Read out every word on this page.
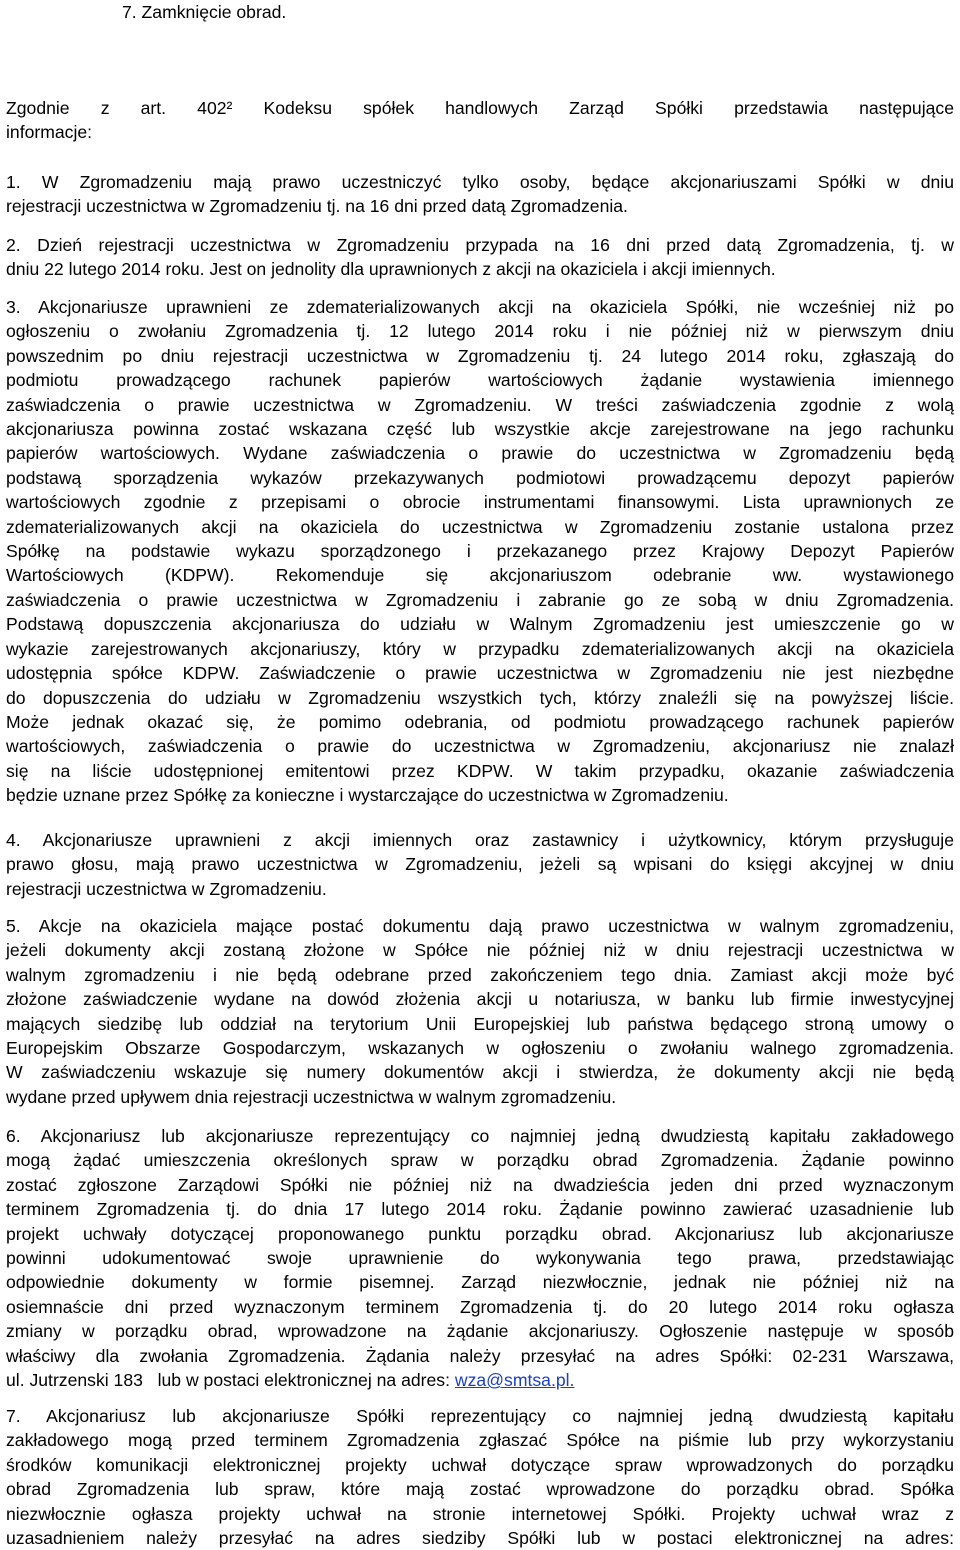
7. Zamknięcie obrad.
Zgodnie z art. 402² Kodeksu spółek handlowych Zarząd Spółki przedstawia następujące
informacje:
1. W Zgromadzeniu mają prawo uczestniczyć tylko osoby, będące akcjonariuszami Spółki w dniu
rejestracji uczestnictwa w Zgromadzeniu tj. na 16 dni przed datą Zgromadzenia.
2. Dzień rejestracji uczestnictwa w Zgromadzeniu przypada na 16 dni przed datą Zgromadzenia, tj. w
dniu 22 lutego 2014 roku. Jest on jednolity dla uprawnionych z akcji na okaziciela i akcji imiennych.
3. Akcjonariusze uprawnieni ze zdematerializowanych akcji na okaziciela Spółki, nie wcześniej niż po
ogłoszeniu o zwołaniu Zgromadzenia tj. 12 lutego 2014 roku i nie później niż w pierwszym dniu
powszednim po dniu rejestracji uczestnictwa w Zgromadzeniu tj. 24 lutego 2014 roku, zgłaszają do
podmiotu prowadzącego rachunek papierów wartościowych żądanie wystawienia imiennego
zaświadczenia o prawie uczestnictwa w Zgromadzeniu. W treści zaświadczenia zgodnie z wolą
akcjonariusza powinna zostać wskazana część lub wszystkie akcje zarejestrowane na jego rachunku
papierów wartościowych. Wydane zaświadczenia o prawie do uczestnictwa w Zgromadzeniu będą
podstawą sporządzenia wykazów przekazywanych podmiotowi prowadzącemu depozyt papierów
wartościowych zgodnie z przepisami o obrocie instrumentami finansowymi. Lista uprawnionych ze
zdematerializowanych akcji na okaziciela do uczestnictwa w Zgromadzeniu zostanie ustalona przez
Spółkę na podstawie wykazu sporządzonego i przekazanego przez Krajowy Depozyt Papierów
Wartościowych (KDPW). Rekomenduje się akcjonariuszom odebranie ww. wystawionego
zaświadczenia o prawie uczestnictwa w Zgromadzeniu i zabranie go ze sobą w dniu Zgromadzenia.
Podstawą dopuszczenia akcjonariusza do udziału w Walnym Zgromadzeniu jest umieszczenie go w
wykazie zarejestrowanych akcjonariuszy, który w przypadku zdematerializowanych akcji na okaziciela
udostępnia spółce KDPW. Zaświadczenie o prawie uczestnictwa w Zgromadzeniu nie jest niezbędne
do dopuszczenia do udziału w Zgromadzeniu wszystkich tych, którzy znaleźli się na powyższej liście.
Może jednak okazać się, że pomimo odebrania, od podmiotu prowadzącego rachunek papierów
wartościowych, zaświadczenia o prawie do uczestnictwa w Zgromadzeniu, akcjonariusz nie znalazł
się na liście udostępnionej emitentowi przez KDPW. W takim przypadku, okazanie zaświadczenia
będzie uznane przez Spółkę za konieczne i wystarczające do uczestnictwa w Zgromadzeniu.
4. Akcjonariusze uprawnieni z akcji imiennych oraz zastawnicy i użytkownicy, którym przysługuje
prawo głosu, mają prawo uczestnictwa w Zgromadzeniu, jeżeli są wpisani do księgi akcyjnej w dniu
rejestracji uczestnictwa w Zgromadzeniu.
5. Akcje na okaziciela mające postać dokumentu dają prawo uczestnictwa w walnym zgromadzeniu,
jeżeli dokumenty akcji zostaną złożone w Spółce nie później niż w dniu rejestracji uczestnictwa w
walnym zgromadzeniu i nie będą odebrane przed zakończeniem tego dnia. Zamiast akcji może być
złożone zaświadczenie wydane na dowód złożenia akcji u notariusza, w banku lub firmie inwestycyjnej
mających siedzibę lub oddział na terytorium Unii Europejskiej lub państwa będącego stroną umowy o
Europejskim Obszarze Gospodarczym, wskazanych w ogłoszeniu o zwołaniu walnego zgromadzenia.
W zaświadczeniu wskazuje się numery dokumentów akcji i stwierdza, że dokumenty akcji nie będą
wydane przed upływem dnia rejestracji uczestnictwa w walnym zgromadzeniu.
6. Akcjonariusz lub akcjonariusze reprezentujący co najmniej jedną dwudziestą kapitału zakładowego
mogą żądać umieszczenia określonych spraw w porządku obrad Zgromadzenia. Żądanie powinno
zostać zgłoszone Zarządowi Spółki nie później niż na dwadzieścia jeden dni przed wyznaczonym
terminem Zgromadzenia tj. do dnia 17 lutego 2014 roku. Żądanie powinno zawierać uzasadnienie lub
projekt uchwały dotyczącej proponowanego punktu porządku obrad. Akcjonariusz lub akcjonariusze
powinni udokumentować swoje uprawnienie do wykonywania tego prawa, przedstawiając
odpowiednie dokumenty w formie pisemnej. Zarząd niezwłocznie, jednak nie później niż na
osiemnaście dni przed wyznaczonym terminem Zgromadzenia tj. do 20 lutego 2014 roku ogłasza
zmiany w porządku obrad, wprowadzone na żądanie akcjonariuszy. Ogłoszenie następuje w sposób
właściwy dla zwołania Zgromadzenia. Żądania należy przesyłać na adres Spółki: 02-231 Warszawa,
ul. Jutrzenski 183   lub w postaci elektronicznej na adres: wza@smtsa.pl.
7. Akcjonariusz lub akcjonariusze Spółki reprezentujący co najmniej jedną dwudziestą kapitału
zakładowego mogą przed terminem Zgromadzenia zgłaszać Spółce na piśmie lub przy wykorzystaniu
środków komunikacji elektronicznej projekty uchwał dotyczące spraw wprowadzonych do porządku
obrad Zgromadzenia lub spraw, które mają zostać wprowadzone do porządku obrad. Spółka
niezwłocznie ogłasza projekty uchwał na stronie internetowej Spółki. Projekty uchwał wraz z
uzasadnieniem należy przesyłać na adres siedziby Spółki lub w postaci elektronicznej na adres:
